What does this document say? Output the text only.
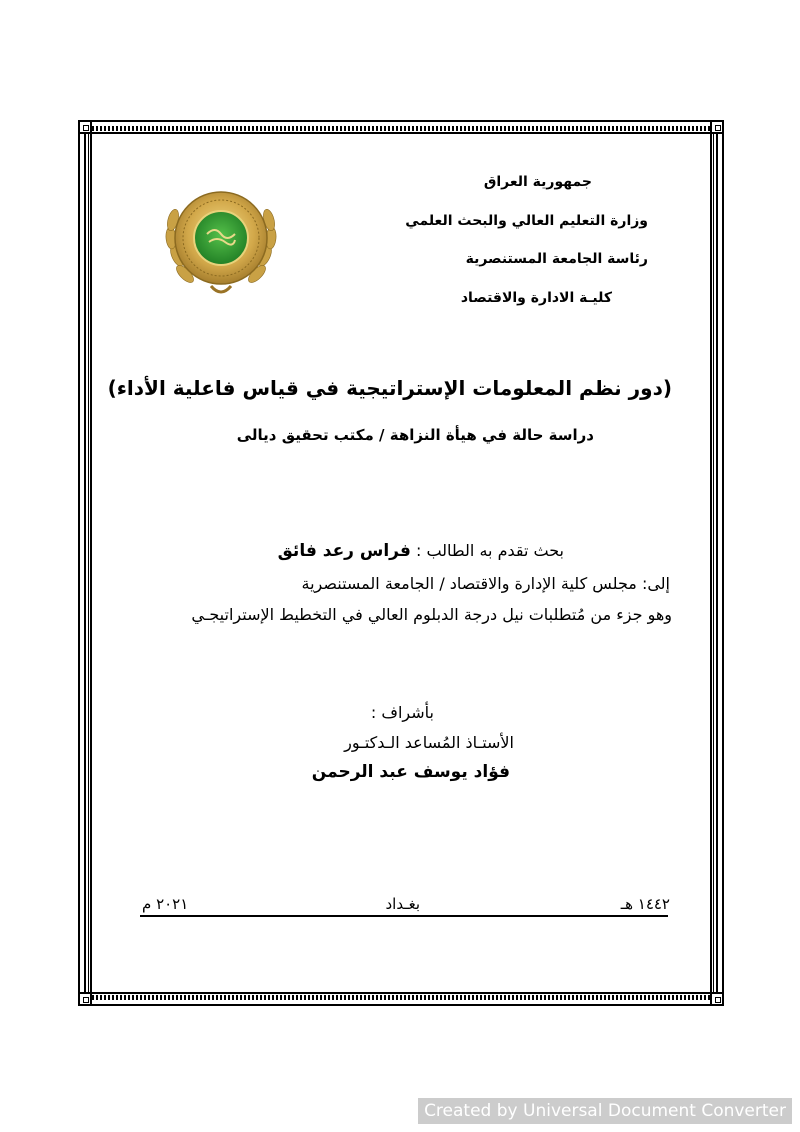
جمهورية العراق
وزارة التعليم العالي والبحث العلمي
رئاسة الجامعة المستنصرية
كليـة الادارة والاقتصاد
(دور نظم المعلومات الإستراتيجية في قياس فاعلية الأداء)
دراسة حالة في هيأة النزاهة / مكتب تحقيق ديالى
بحث تقدم به الطالب : فراس رعد فائق
إلى: مجلس كلية الإدارة والاقتصاد / الجامعة المستنصرية
وهو جزء من مُتطلبات نيل درجة الدبلوم العالي في التخطيط الإستراتيجـي
بأشراف :
الأستـاذ المُساعد الـدكتـور
فؤاد يوسف عبد الرحمن
١٤٤٢ هـ
بغـداد
٢٠٢١ م
Created by Universal Document Converter
